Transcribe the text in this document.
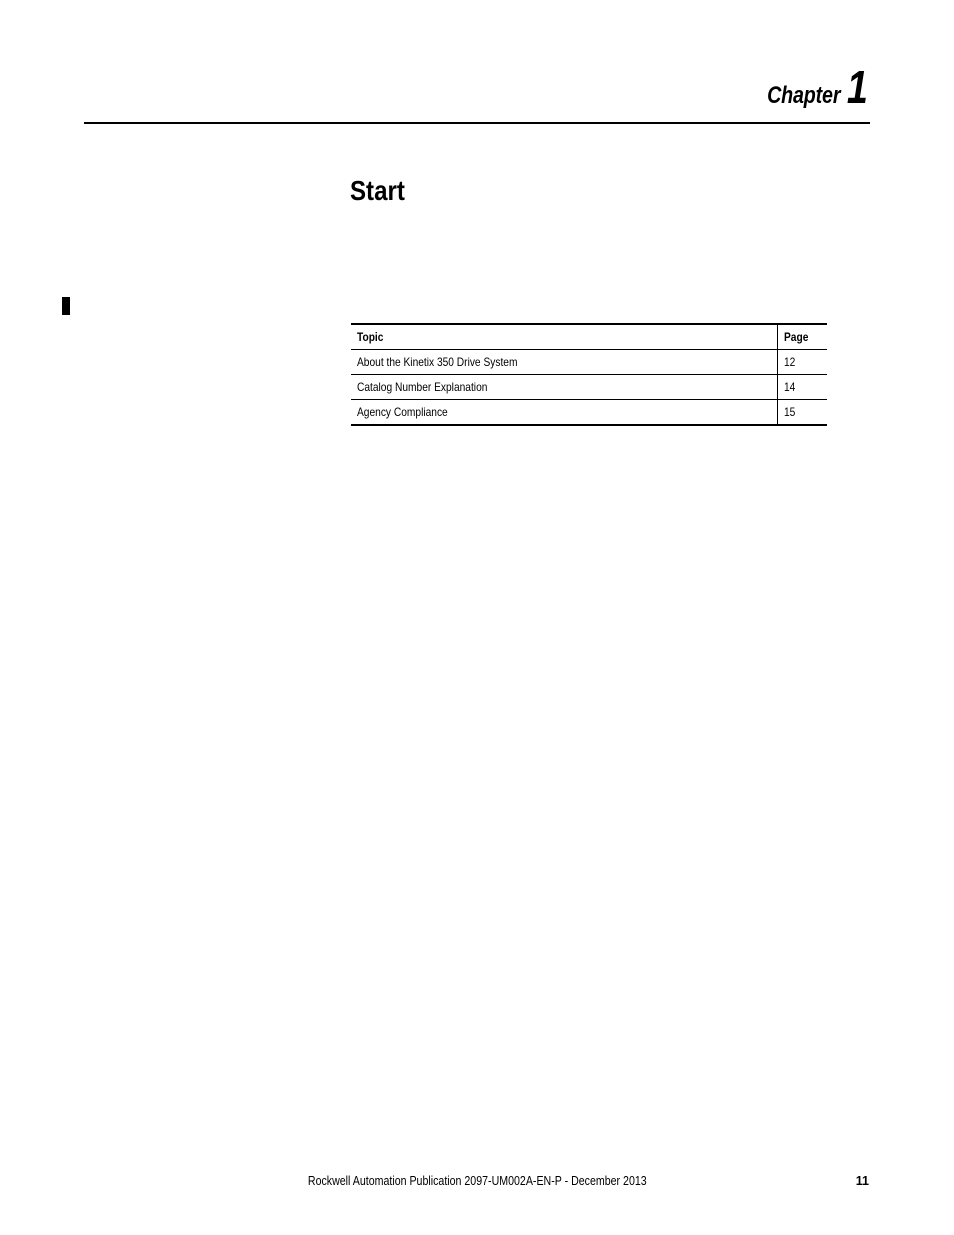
Chapter 1
Start
Topic	Page
About the Kinetix 350 Drive System	12
Catalog Number Explanation	14
Agency Compliance	15
Rockwell Automation Publication 2097-UM002A-EN-P - December 2013	11
